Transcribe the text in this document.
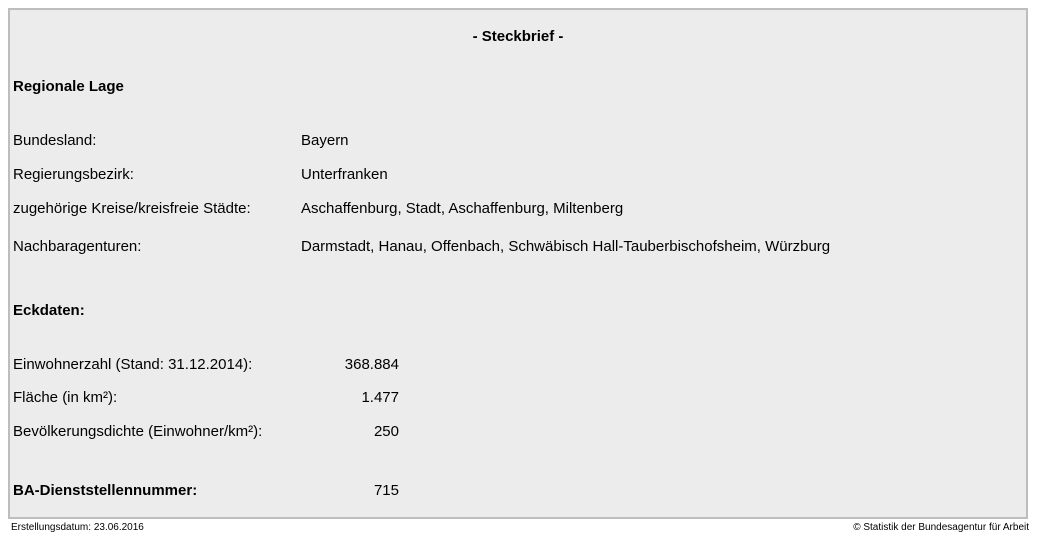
- Steckbrief -
Regionale Lage
Bundesland:	Bayern
Regierungsbezirk:	Unterfranken
zugehörige Kreise/kreisfreie Städte:	Aschaffenburg, Stadt, Aschaffenburg, Miltenberg
Nachbaragenturen:	Darmstadt, Hanau, Offenbach, Schwäbisch Hall-Tauberbischofsheim, Würzburg
Eckdaten:
Einwohnerzahl (Stand: 31.12.2014):	368.884
Fläche (in km²):	1.477
Bevölkerungsdichte (Einwohner/km²):	250
BA-Dienststellennummer:	715
Erstellungsdatum: 23.06.2016	© Statistik der Bundesagentur für Arbeit
